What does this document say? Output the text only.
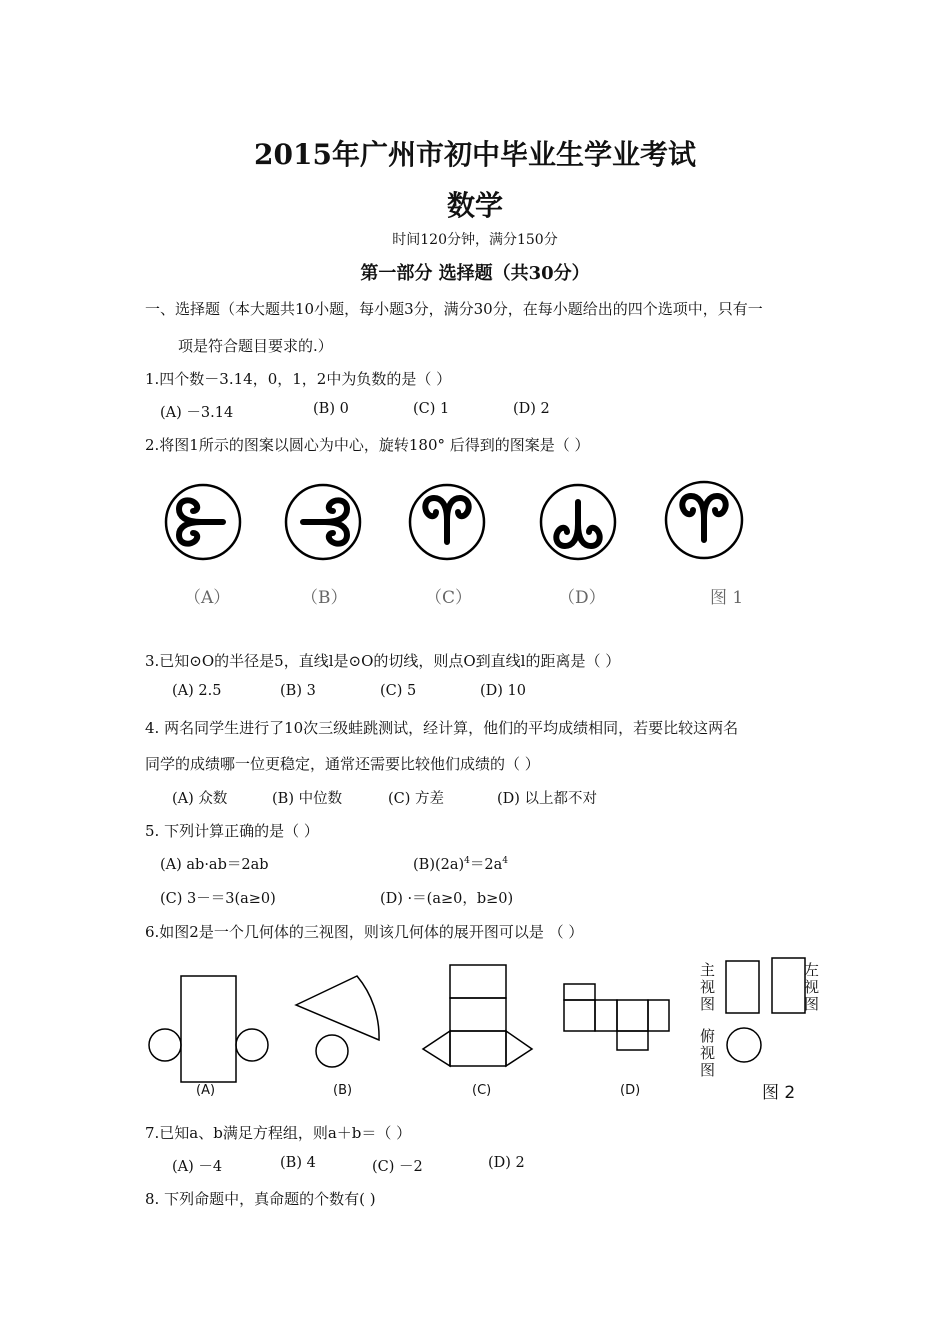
2015年广州市初中毕业生学业考试
数学
时间120分钟，满分150分
第一部分 选择题（共30分）
一、选择题（本大题共10小题，每小题3分，满分30分，在每小题给出的四个选项中，只有一
项是符合题目要求的.）
1.四个数－3.14，0，1，2中为负数的是（ ）
(A) －3.14	(B) 0	(C) 1	(D) 2
2.将图1所示的图案以圆心为中心，旋转180° 后得到的图案是（ ）
（A）	（B）	（C）	（D）	图 1
3.已知⊙O的半径是5，直线l是⊙O的切线，则点O到直线l的距离是（ ）
(A) 2.5	(B) 3	(C) 5	(D) 10
4. 两名同学生进行了10次三级蛙跳测试，经计算，他们的平均成绩相同，若要比较这两名
同学的成绩哪一位更稳定，通常还需要比较他们成绩的（ ）
(A) 众数	(B) 中位数	(C) 方差	(D) 以上都不对
5. 下列计算正确的是（ ）
(A) ab·ab＝2ab	$(B)(2a)^4=2a^4$
(C) 3－＝3(a≥0)	(D) ·＝(a≥0，b≥0)
6.如图2是一个几何体的三视图，则该几何体的展开图可以是 （ ）
(A)	(B)	(C)	(D)
主视图
左视图
俯视图
图 2
7.已知a、b满足方程组，则a＋b＝（ ）
(A) －4	(B) 4	(C) －2	(D) 2
8. 下列命题中，真命题的个数有( )
